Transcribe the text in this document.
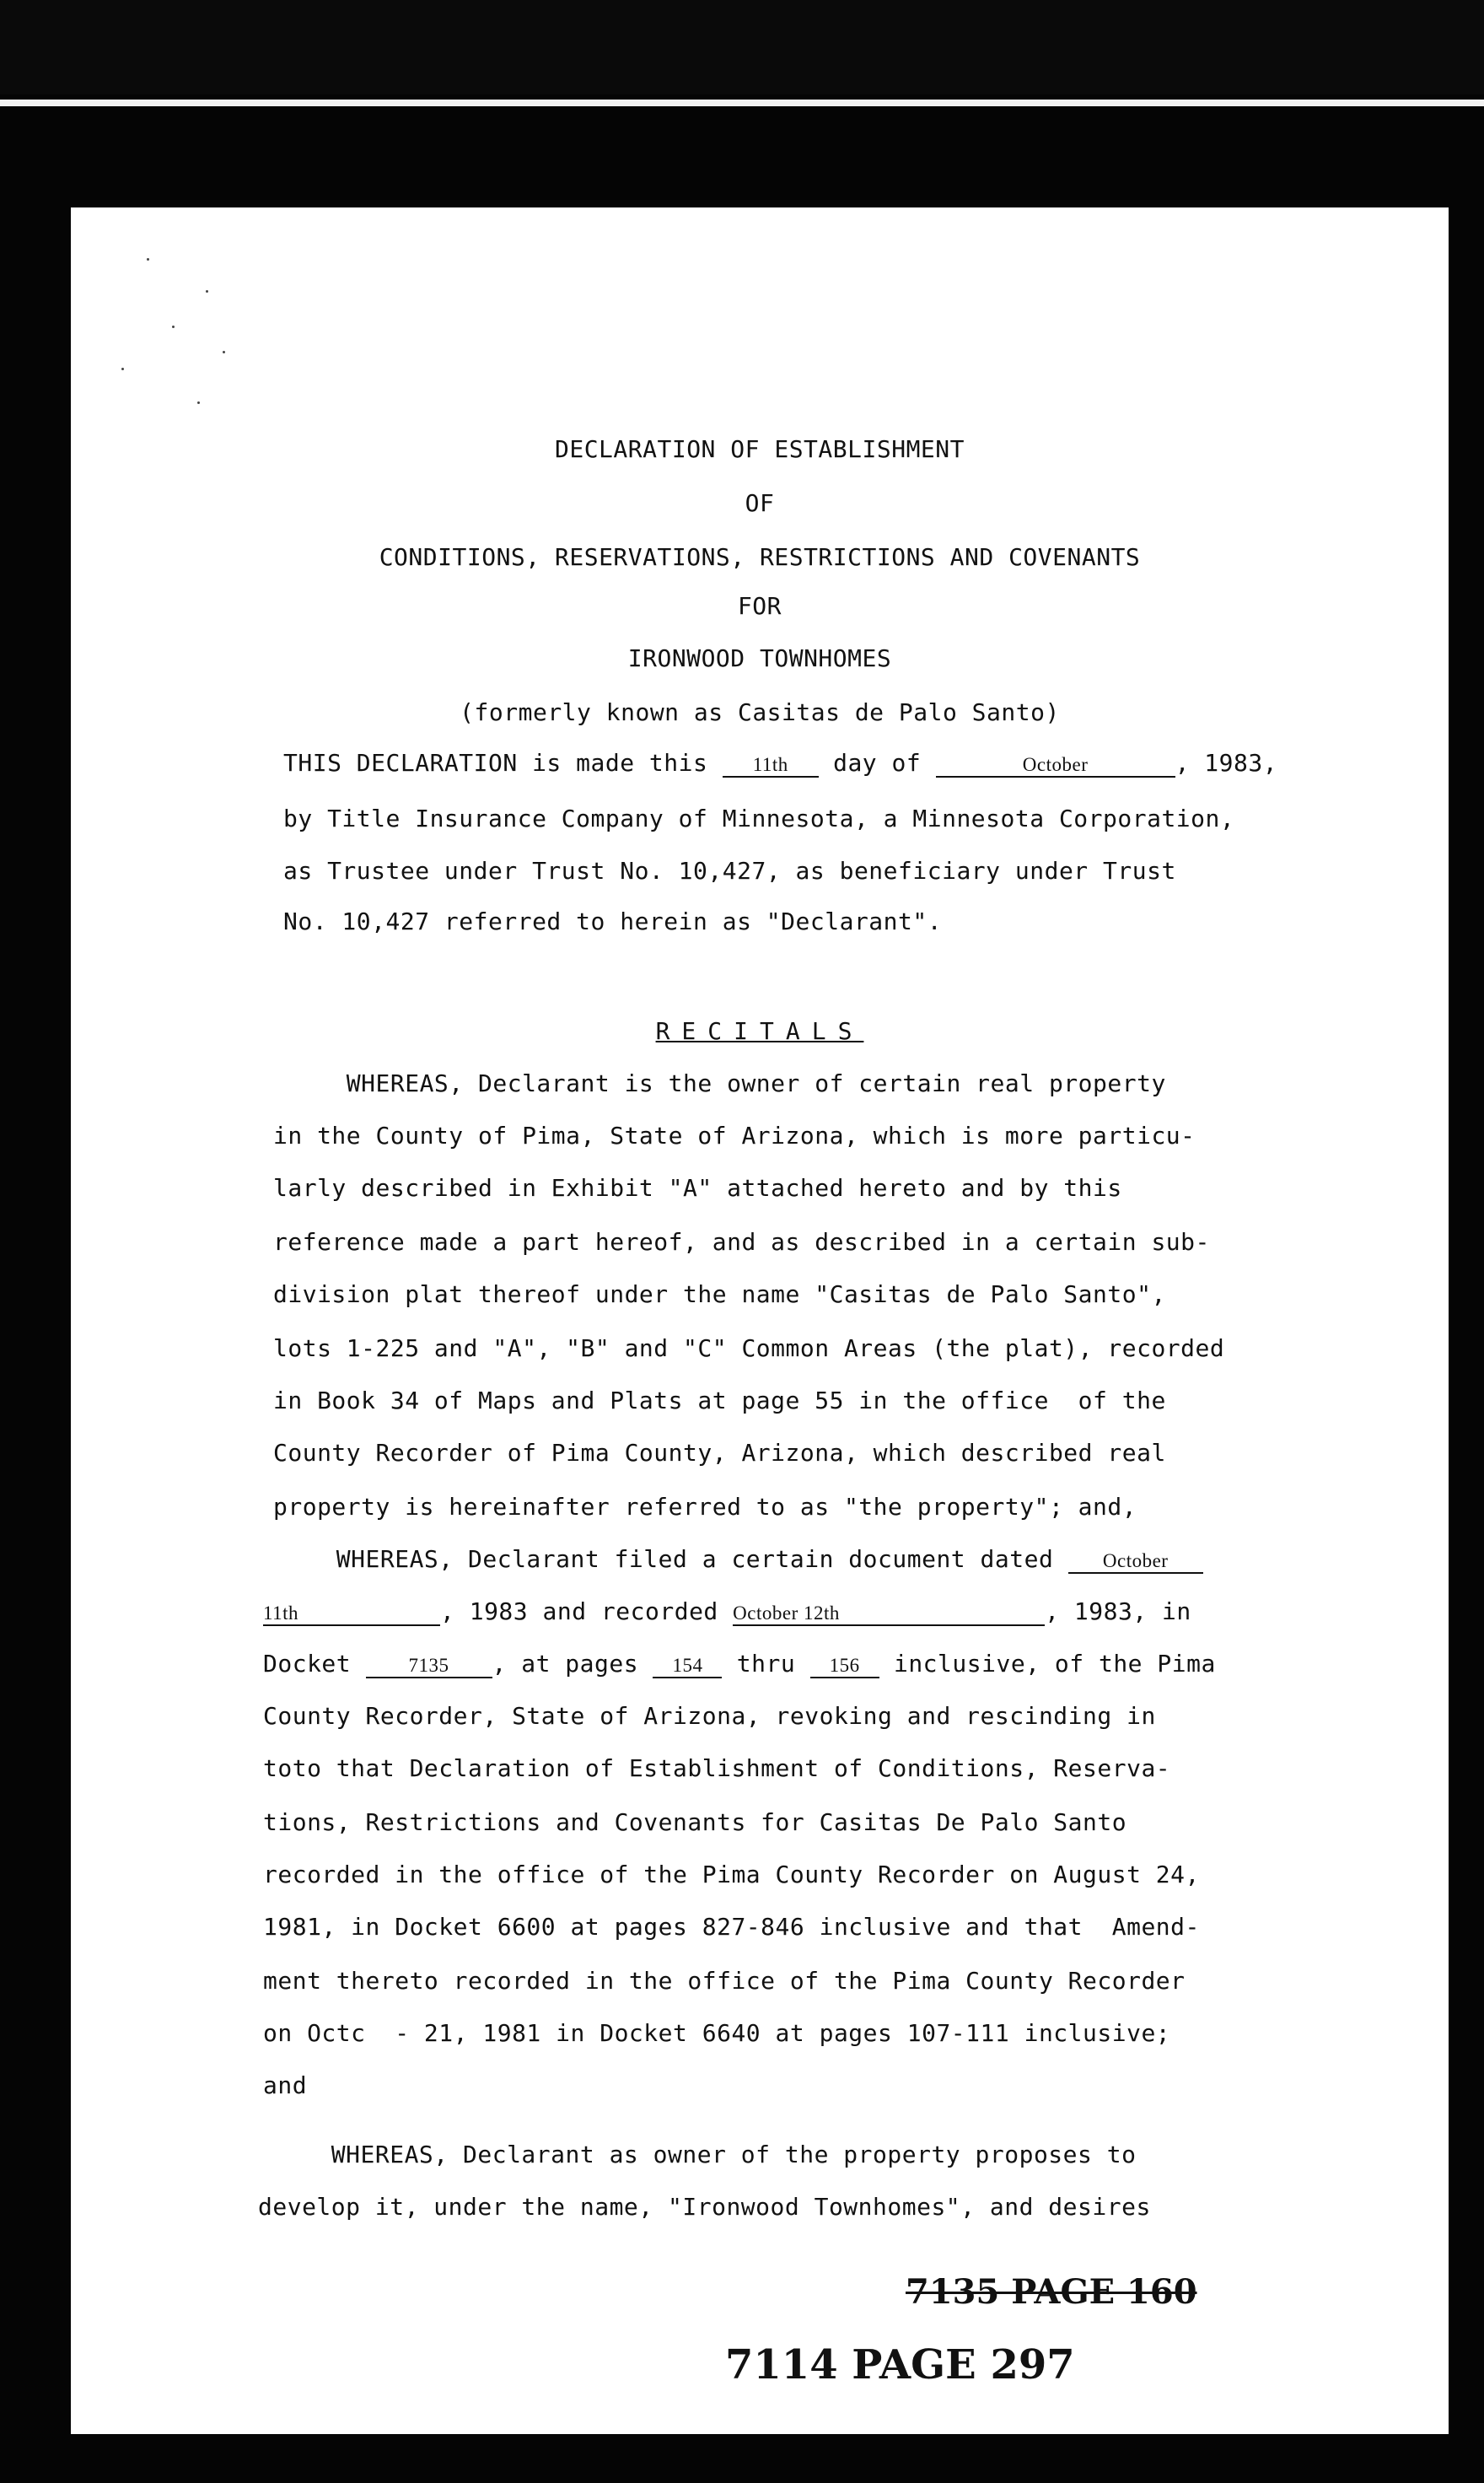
DECLARATION OF ESTABLISHMENT
OF
CONDITIONS, RESERVATIONS, RESTRICTIONS AND COVENANTS
FOR
IRONWOOD TOWNHOMES
(formerly known as Casitas de Palo Santo)
THIS DECLARATION is made this 11th day of	October	, 1983,
by Title Insurance Company of Minnesota, a Minnesota Corporation,
as Trustee under Trust No. 10,427, as beneficiary under Trust
No. 10,427 referred to herein as "Declarant".
RECITALS
WHEREAS, Declarant is the owner of certain real property
in the County of Pima, State of Arizona, which is more particu-
larly described in Exhibit "A" attached hereto and by this
reference made a part hereof, and as described in a certain sub-
division plat thereof under the name "Casitas de Palo Santo",
lots 1-225 and "A", "B" and "C" Common Areas (the plat), recorded
in Book 34 of Maps and Plats at page 55 in the office  of the
County Recorder of Pima County, Arizona, which described real
property is hereinafter referred to as "the property"; and,
WHEREAS, Declarant filed a certain document dated October
11th	, 1983 and recorded October 12th	, 1983, in
Docket 7135 , at pages 154 thru 156 inclusive, of the Pima
County Recorder, State of Arizona, revoking and rescinding in
toto that Declaration of Establishment of Conditions, Reserva-
tions, Restrictions and Covenants for Casitas De Palo Santo
recorded in the office of the Pima County Recorder on August 24,
1981, in Docket 6600 at pages 827-846 inclusive and that  Amend-
ment thereto recorded in the office of the Pima County Recorder
on Octc  - 21, 1981 in Docket 6640 at pages 107-111 inclusive;
and
WHEREAS, Declarant as owner of the property proposes to
develop it, under the name, "Ironwood Townhomes", and desires
7135 PAGE 160
7114 PAGE 297
